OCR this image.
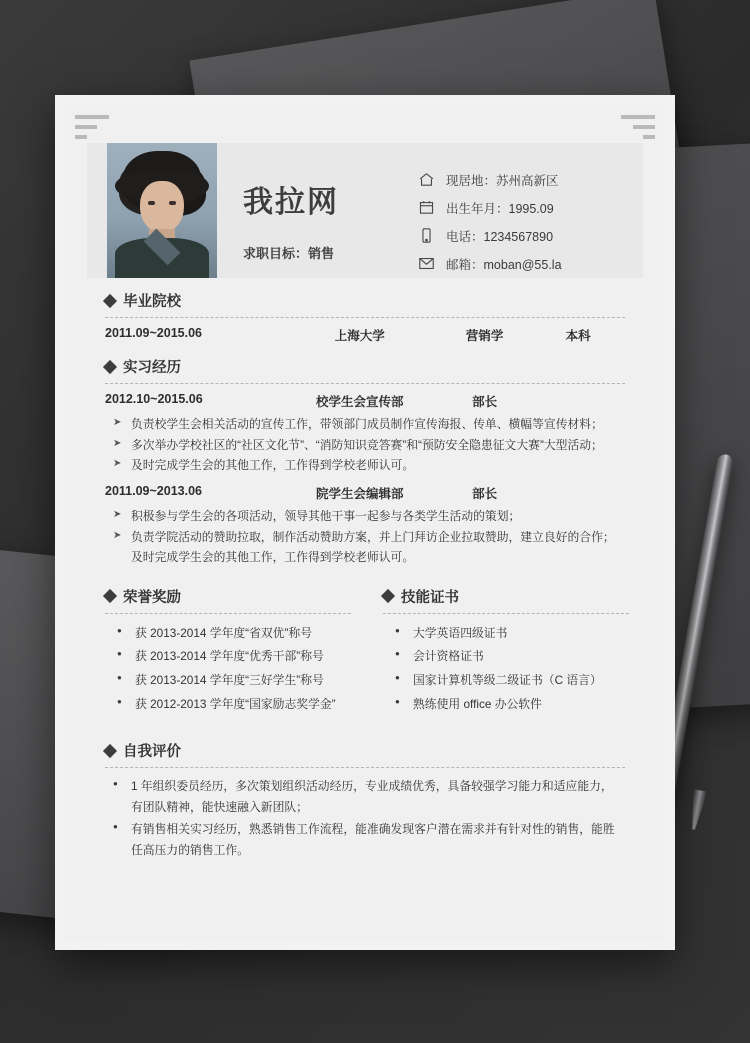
我拉网
求职目标：销售
现居地：苏州高新区
出生年月：1995.09
电话：1234567890
邮箱：moban@55.la
毕业院校
2011.09~2015.06	上海大学	营销学	本科
实习经历
2012.10~2015.06	校学生会宣传部	部长
➤ 负责校学生会相关活动的宣传工作，带领部门成员制作宣传海报、传单、横幅等宣传材料；
➤ 多次举办学校社区的“社区文化节”、“消防知识竞答赛”和“预防安全隐患征文大赛”大型活动；
➤ 及时完成学生会的其他工作，工作得到学校老师认可。
2011.09~2013.06	院学生会编辑部	部长
➤ 积极参与学生会的各项活动，领导其他干事一起参与各类学生活动的策划；
➤ 负责学院活动的赞助拉取，制作活动赞助方案，并上门拜访企业拉取赞助，建立良好的合作；及时完成学生会的其他工作，工作得到学校老师认可。
荣誉奖励
● 获 2013-2014 学年度“省双优”称号
● 获 2013-2014 学年度“优秀干部”称号
● 获 2013-2014 学年度“三好学生”称号
● 获 2012-2013 学年度“国家励志奖学金”
技能证书
● 大学英语四级证书
● 会计资格证书
● 国家计算机等级二级证书（C 语言）
● 熟练使用 office 办公软件
自我评价
● 1 年组织委员经历，多次策划组织活动经历，专业成绩优秀，具备较强学习能力和适应能力，有团队精神，能快速融入新团队；
● 有销售相关实习经历，熟悉销售工作流程，能准确发现客户潜在需求并有针对性的销售，能胜任高压力的销售工作。
